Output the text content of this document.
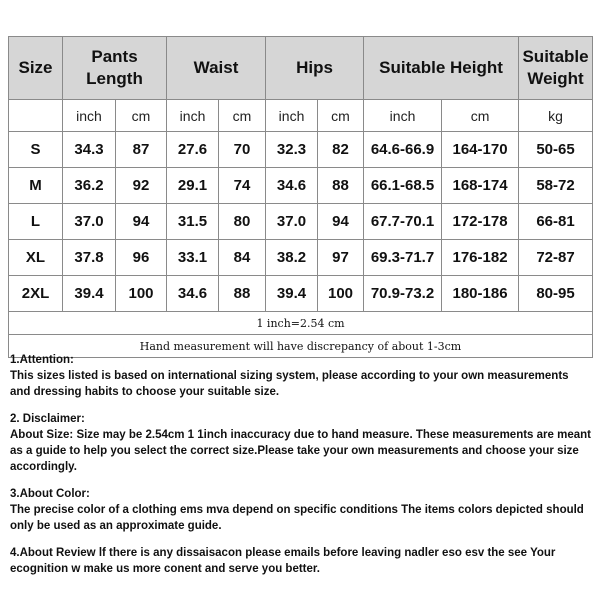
Size	Pants Length		Waist		Hips		Suitable Height		Suitable Weight
	inch	cm	inch	cm	inch	cm	inch	cm	kg
S	34.3	87	27.6	70	32.3	82	64.6-66.9	164-170	50-65
M	36.2	92	29.1	74	34.6	88	66.1-68.5	168-174	58-72
L	37.0	94	31.5	80	37.0	94	67.7-70.1	172-178	66-81
XL	37.8	96	33.1	84	38.2	97	69.3-71.7	176-182	72-87
2XL	39.4	100	34.6	88	39.4	100	70.9-73.2	180-186	80-95
1 inch=2.54 cm									
Hand measurement will have discrepancy of about 1-3cm									

1.Attention:

This sizes listed is based on international sizing system, please according to your own measurements and dressing habits to choose your suitable size.

2. Disclaimer:

About Size: Size may be 2.54cm 1 1inch inaccuracy due to hand measure. These measurements are meant as a guide to help you select the correct size.Please take your own measurements and choose your size accordingly.

3.About Color:

The precise color of a clothing ems mva depend on specific conditions The items colors depicted should only be used as an approximate guide.

4.About Review lf there is any dissaisacon please emails before leaving nadler eso esv the see Your ecognition w make us more conent and serve you better.
